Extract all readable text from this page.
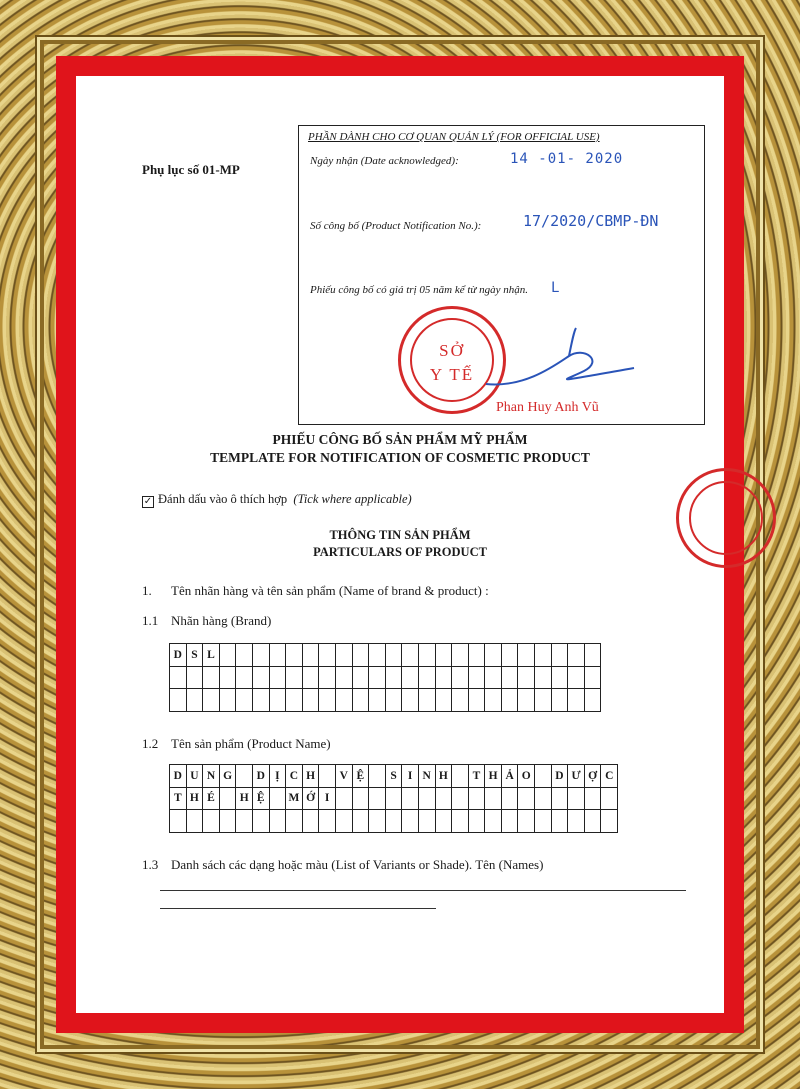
Phụ lục số 01-MP
PHẦN DÀNH CHO CƠ QUAN QUẢN LÝ (FOR OFFICIAL USE)
Ngày nhận (Date acknowledged):	14 -01- 2020
Số công bố (Product Notification No.):	17/2020/CBMP-ĐN
Phiếu công bố có giá trị 05 năm kể từ ngày nhận. L
SỞ
Y TẾ
Phan Huy Anh Vũ
PHIẾU CÔNG BỐ SẢN PHẨM MỸ PHẨM
TEMPLATE FOR NOTIFICATION OF COSMETIC PRODUCT
✓ Đánh dấu vào ô thích hợp (Tick where applicable)
THÔNG TIN SẢN PHẨM
PARTICULARS OF PRODUCT
1. Tên nhãn hàng và tên sản phẩm (Name of brand & product) :
1.1 Nhãn hàng (Brand)
D	S	L																							

1.2 Tên sản phẩm (Product Name)
D	U	N	G		D	Ị	C	H		V	Ệ		S	I	N	H		T	H	Ả	O		D	Ư	Ợ	C
T	H	É		H	Ệ		M	Ớ	I																	

1.3 Danh sách các dạng hoặc màu (List of Variants or Shade). Tên (Names)
